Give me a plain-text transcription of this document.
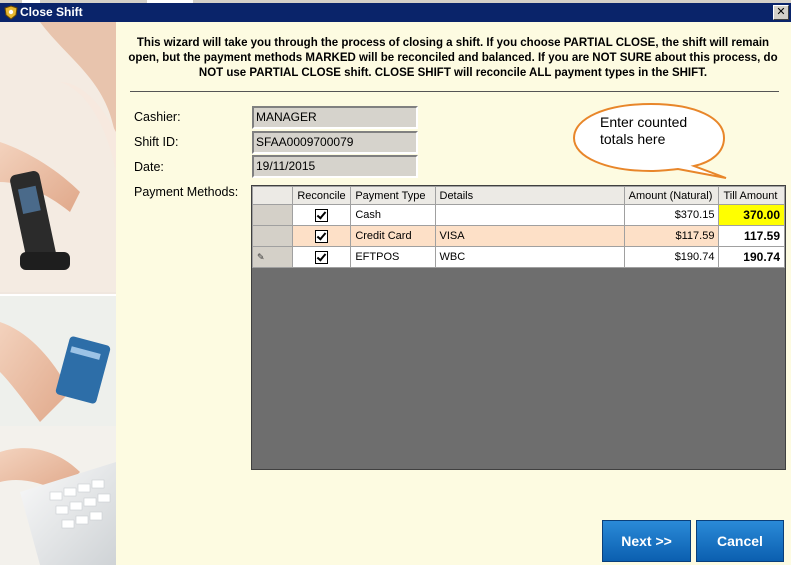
Close Shift	✕
This wizard will take you through the process of closing a shift. If you choose PARTIAL CLOSE, the shift will remain open, but the payment methods MARKED will be reconciled and balanced. If you are NOT SURE about this process, do NOT use PARTIAL CLOSE shift. CLOSE SHIFT will reconcile ALL payment types in the SHIFT.
Cashier:	MANAGER
Shift ID:	SFAA0009700079
Date:	19/11/2015
Payment Methods:
Enter counted totals here
	Reconcile	Payment Type	Details	Amount (Natural)	Till Amount
		Cash		$370.15	370.00
		Credit Card	VISA	$117.59	117.59
✎		EFTPOS	WBC	$190.74	190.74
Next >>	Cancel
